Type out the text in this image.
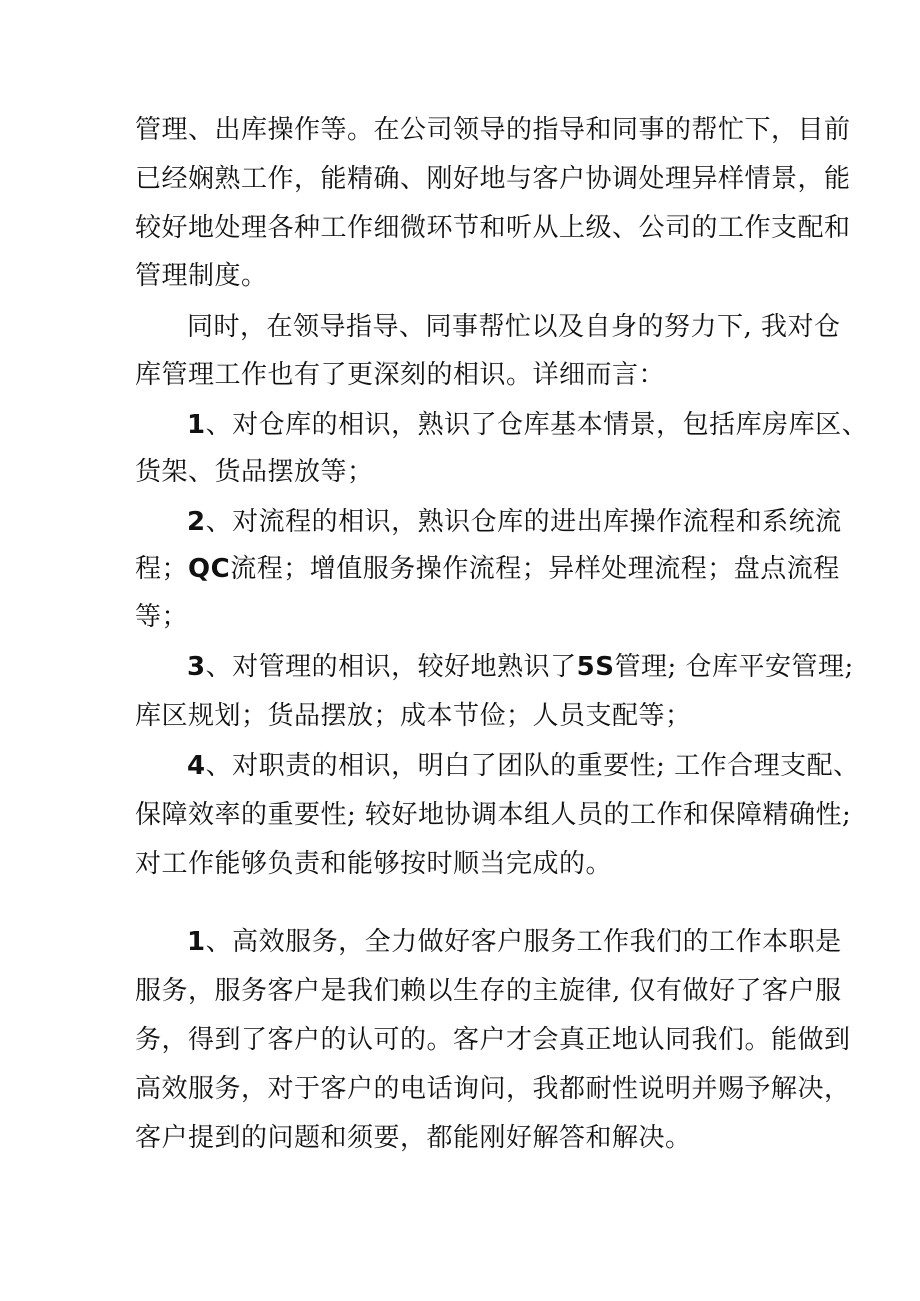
管理、出库操作等。在公司领导的指导和同事的帮忙下，目前
已经娴熟工作，能精确、刚好地与客户协调处理异样情景，能
较好地处理各种工作细微环节和听从上级、公司的工作支配和
管理制度。
同时，在领导指导、同事帮忙以及自身的努力下, 我对仓
库管理工作也有了更深刻的相识。详细而言：
1、对仓库的相识，熟识了仓库基本情景，包括库房库区、
货架、货品摆放等；
2、对流程的相识，熟识仓库的进出库操作流程和系统流
程；QC流程；增值服务操作流程；异样处理流程；盘点流程
等；
3、对管理的相识，较好地熟识了5S管理; 仓库平安管理;
库区规划；货品摆放；成本节俭；人员支配等；
4、对职责的相识，明白了团队的重要性; 工作合理支配、
保障效率的重要性; 较好地协调本组人员的工作和保障精确性;
对工作能够负责和能够按时顺当完成的。
1、高效服务，全力做好客户服务工作我们的工作本职是
服务，服务客户是我们赖以生存的主旋律, 仅有做好了客户服
务，得到了客户的认可的。客户才会真正地认同我们。能做到
高效服务，对于客户的电话询问，我都耐性说明并赐予解决，
客户提到的问题和须要，都能刚好解答和解决。
